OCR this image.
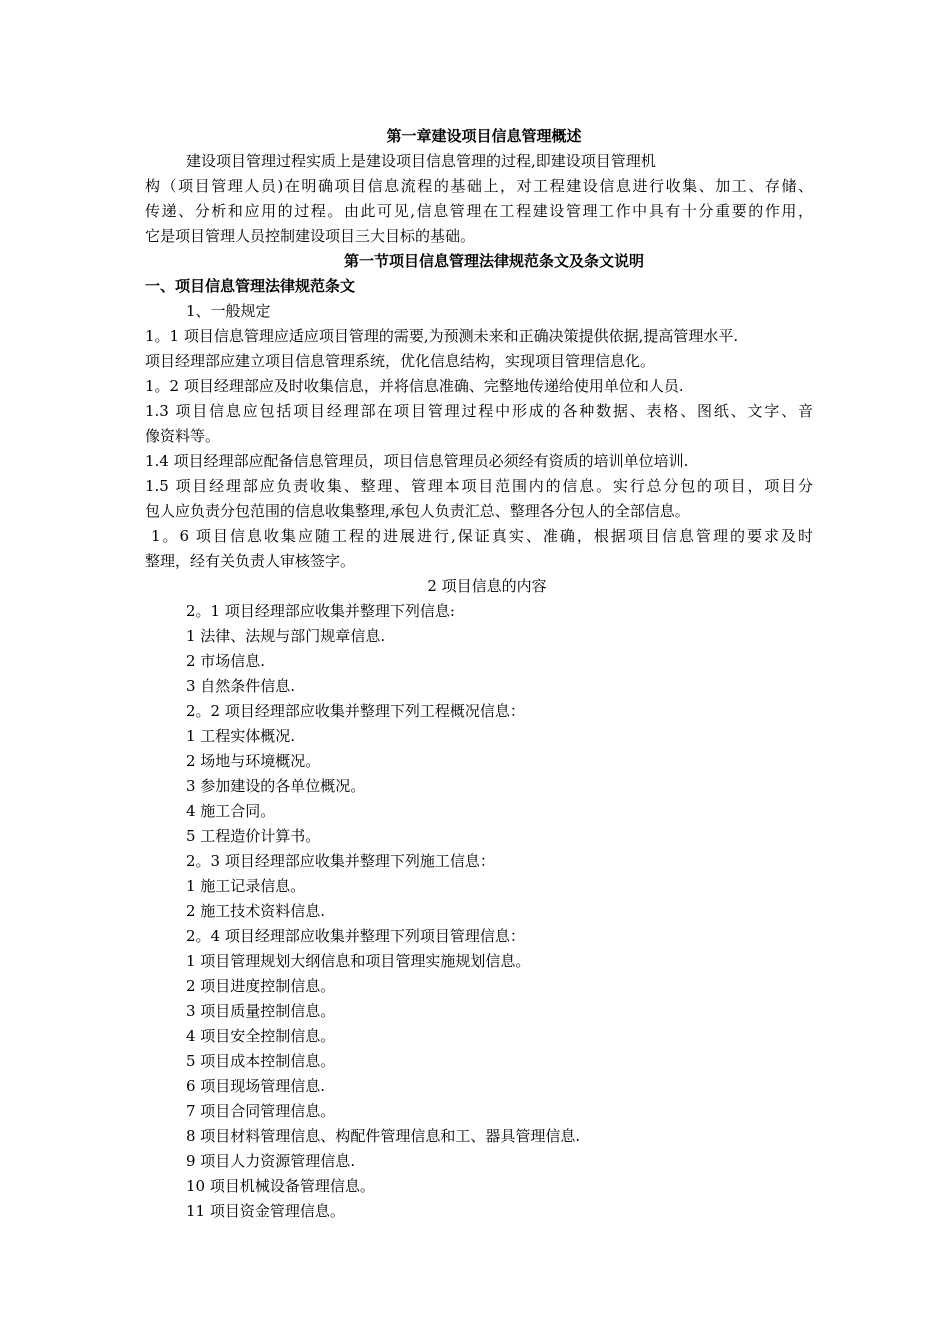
第一章建设项目信息管理概述
建设项目管理过程实质上是建设项目信息管理的过程,即建设项目管理机
构（项目管理人员)在明确项目信息流程的基础上，对工程建设信息进行收集、加工、存储、
传递、分析和应用的过程。由此可见,信息管理在工程建设管理工作中具有十分重要的作用，
它是项目管理人员控制建设项目三大目标的基础。
第一节项目信息管理法律规范条文及条文说明
一、项目信息管理法律规范条文
1、一般规定
1。1 项目信息管理应适应项目管理的需要,为预测未来和正确决策提供依据,提高管理水平.
项目经理部应建立项目信息管理系统，优化信息结构，实现项目管理信息化。
1。2 项目经理部应及时收集信息，并将信息准确、完整地传递给使用单位和人员.
1.3 项目信息应包括项目经理部在项目管理过程中形成的各种数据、表格、图纸、文字、音
像资料等。
1.4 项目经理部应配备信息管理员，项目信息管理员必须经有资质的培训单位培训.
1.5 项目经理部应负责收集、整理、管理本项目范围内的信息。实行总分包的项目，项目分
包人应负责分包范围的信息收集整理,承包人负责汇总、整理各分包人的全部信息。
1。6 项目信息收集应随工程的进展进行,保证真实、准确，根据项目信息管理的要求及时
整理，经有关负责人审核签字。
2 项目信息的内容
2。1 项目经理部应收集并整理下列信息:
1 法律、法规与部门规章信息.
2 市场信息.
3 自然条件信息.
2。2 项目经理部应收集并整理下列工程概况信息：
1 工程实体概况.
2 场地与环境概况。
3 参加建设的各单位概况。
4 施工合同。
5 工程造价计算书。
2。3 项目经理部应收集并整理下列施工信息：
1 施工记录信息。
2 施工技术资料信息.
2。4 项目经理部应收集并整理下列项目管理信息：
1 项目管理规划大纲信息和项目管理实施规划信息。
2 项目进度控制信息。
3 项目质量控制信息。
4 项目安全控制信息。
5 项目成本控制信息。
6 项目现场管理信息.
7 项目合同管理信息。
8 项目材料管理信息、构配件管理信息和工、器具管理信息.
9 项目人力资源管理信息.
10 项目机械设备管理信息。
11 项目资金管理信息。
